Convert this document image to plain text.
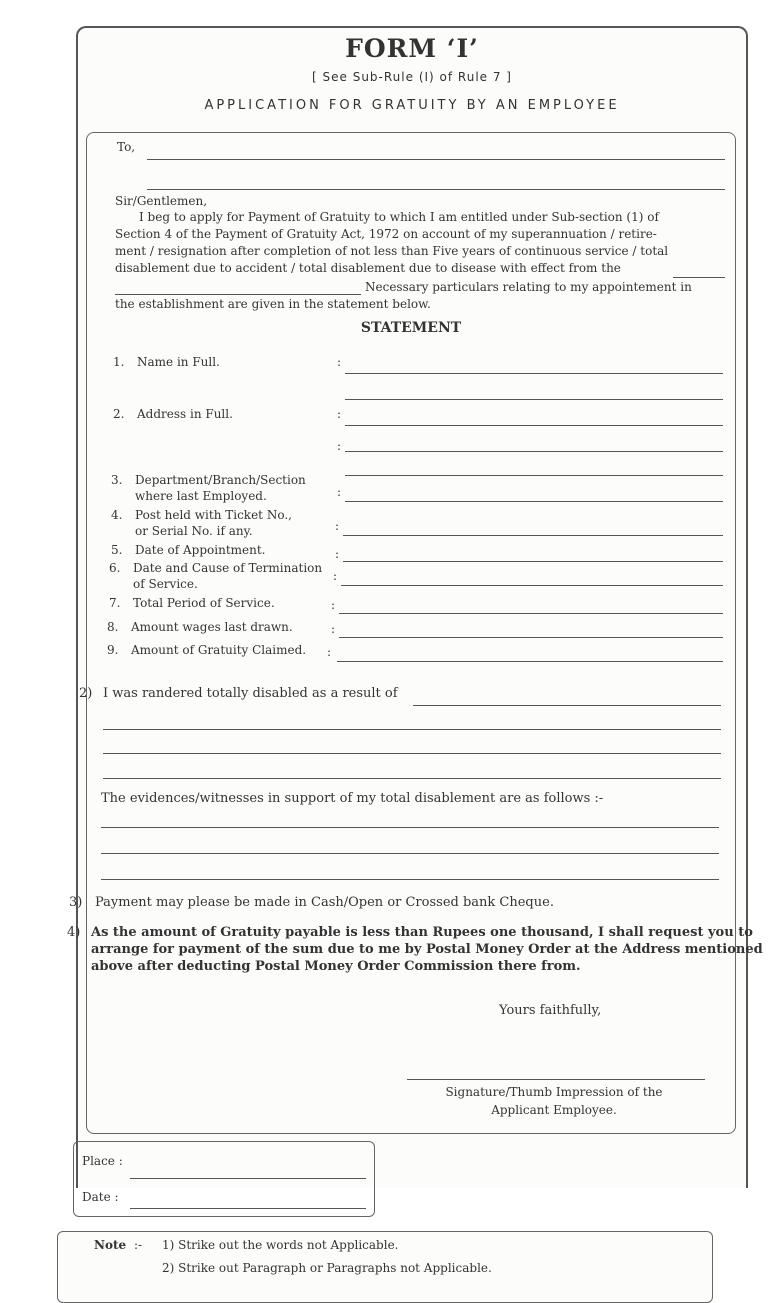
FORM ‘I’
[ See Sub-Rule (I) of Rule 7 ]
APPLICATION FOR GRATUITY BY AN EMPLOYEE
To,
Sir/Gentlemen,
I beg to apply for Payment of Gratuity to which I am entitled under Sub-section (1) of
Section 4 of the Payment of Gratuity Act, 1972 on account of my superannuation / retire-
ment / resignation after completion of not less than Five years of continuous service / total
disablement due to accident / total disablement due to disease with effect from the
Necessary particulars relating to my appointement in
the establishment are given in the statement below.
STATEMENT
1. Name in Full.	:
2. Address in Full.	:
:
3. Department/Branch/Section
where last Employed.	:
4. Post held with Ticket No.,
or Serial No. if any.	:
5. Date of Appointment.	:
6. Date and Cause of Termination
of Service.
:
7. Total Period of Service.	:
8. Amount wages last drawn.	:
9. Amount of Gratuity Claimed. :
2) I was randered totally disabled as a result of
The evidences/witnesses in support of my total disablement are as follows :-
3) Payment may please be made in Cash/Open or Crossed bank Cheque.
4) As the amount of Gratuity payable is less than Rupees one thousand, I shall request you to
arrange for payment of the sum due to me by Postal Money Order at the Address mentioned
above after deducting Postal Money Order Commission there from.
Yours faithfully,
Place :
Date :
Signature/Thumb Impression of the
Applicant Employee.
Note :- 1) Strike out the words not Applicable.
2) Strike out Paragraph or Paragraphs not Applicable.
